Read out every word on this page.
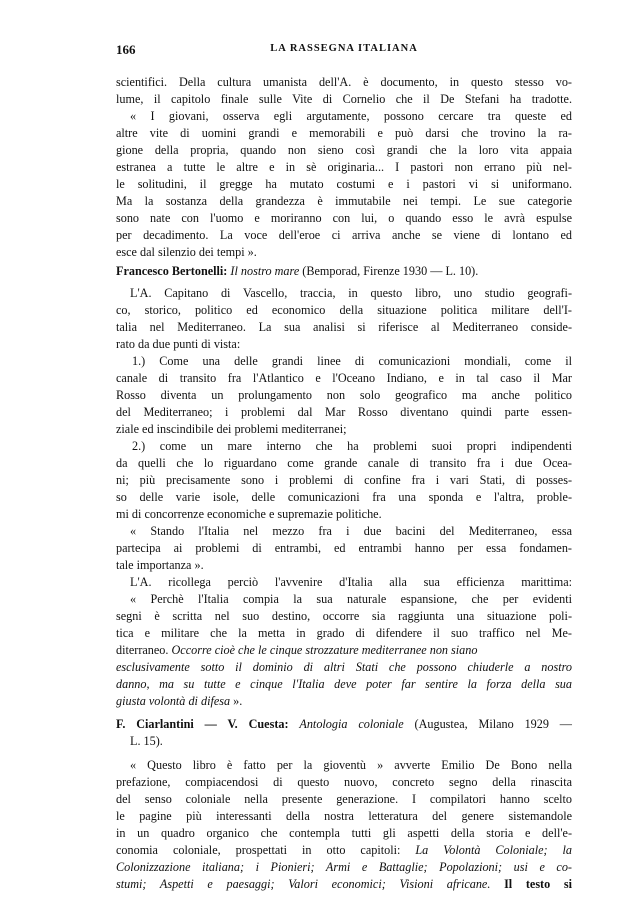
166	LA RASSEGNA ITALIANA
scientifici. Della cultura umanista dell'A. è documento, in questo stesso vo-
lume, il capitolo finale sulle Vite di Cornelio che il De Stefani ha tradotte.
« I giovani, osserva egli argutamente, possono cercare tra queste ed
altre vite di uomini grandi e memorabili e può darsi che trovino la ra-
gione della propria, quando non sieno così grandi che la loro vita appaia
estranea a tutte le altre e in sè originaria... I pastori non errano più nel-
le solitudini, il gregge ha mutato costumi e i pastori vi si uniformano.
Ma la sostanza della grandezza è immutabile nei tempi. Le sue categorie
sono nate con l'uomo e moriranno con lui, o quando esso le avrà espulse
per decadimento. La voce dell'eroe ci arriva anche se viene di lontano ed
esce dal silenzio dei tempi ».
Francesco Bertonelli: Il nostro mare (Bemporad, Firenze 1930 — L. 10).
L'A. Capitano di Vascello, traccia, in questo libro, uno studio geografi-
co, storico, politico ed economico della situazione politica militare dell'I-
talia nel Mediterraneo. La sua analisi si riferisce al Mediterraneo conside-
rato da due punti di vista:
1.) Come una delle grandi linee di comunicazioni mondiali, come il
canale di transito fra l'Atlantico e l'Oceano Indiano, e in tal caso il Mar
Rosso diventa un prolungamento non solo geografico ma anche politico
del Mediterraneo; i problemi dal Mar Rosso diventano quindi parte essen-
ziale ed inscindibile dei problemi mediterranei;
2.) come un mare interno che ha problemi suoi propri indipendenti
da quelli che lo riguardano come grande canale di transito fra i due Ocea-
ni; più precisamente sono i problemi di confine fra i vari Stati, di posses-
so delle varie isole, delle comunicazioni fra una sponda e l'altra, proble-
mi di concorrenze economiche e supremazie politiche.
« Stando l'Italia nel mezzo fra i due bacini del Mediterraneo, essa
partecipa ai problemi di entrambi, ed entrambi hanno per essa fondamen-
tale importanza ».
L'A. ricollega perciò l'avvenire d'Italia alla sua efficienza marittima:
« Perchè l'Italia compia la sua naturale espansione, che per evidenti
segni è scritta nel suo destino, occorre sia raggiunta una situazione poli-
tica e militare che la metta in grado di difendere il suo traffico nel Me-
diterraneo. Occorre cioè che le cinque strozzature mediterranee non siano
esclusivamente sotto il dominio di altri Stati che possono chiuderle a nostro
danno, ma su tutte e cinque l'Italia deve poter far sentire la forza della sua
giusta volontà di difesa ».
F. Ciarlantini — V. Cuesta: Antologia coloniale (Augustea, Milano 1929 —
L. 15).
« Questo libro è fatto per la gioventù » avverte Emilio De Bono nella
prefazione, compiacendosi di questo nuovo, concreto segno della rinascita
del senso coloniale nella presente generazione. I compilatori hanno scelto
le pagine più interessanti della nostra letteratura del genere sistemandole
in un quadro organico che contempla tutti gli aspetti della storia e dell'e-
conomia coloniale, prospettati in otto capitoli: La Volontà Coloniale; la
Colonizzazione italiana; i Pionieri; Armi e Battaglie; Popolazioni; usi e co-
stumi; Aspetti e paesaggi; Valori economici; Visioni africane. Il testo si
